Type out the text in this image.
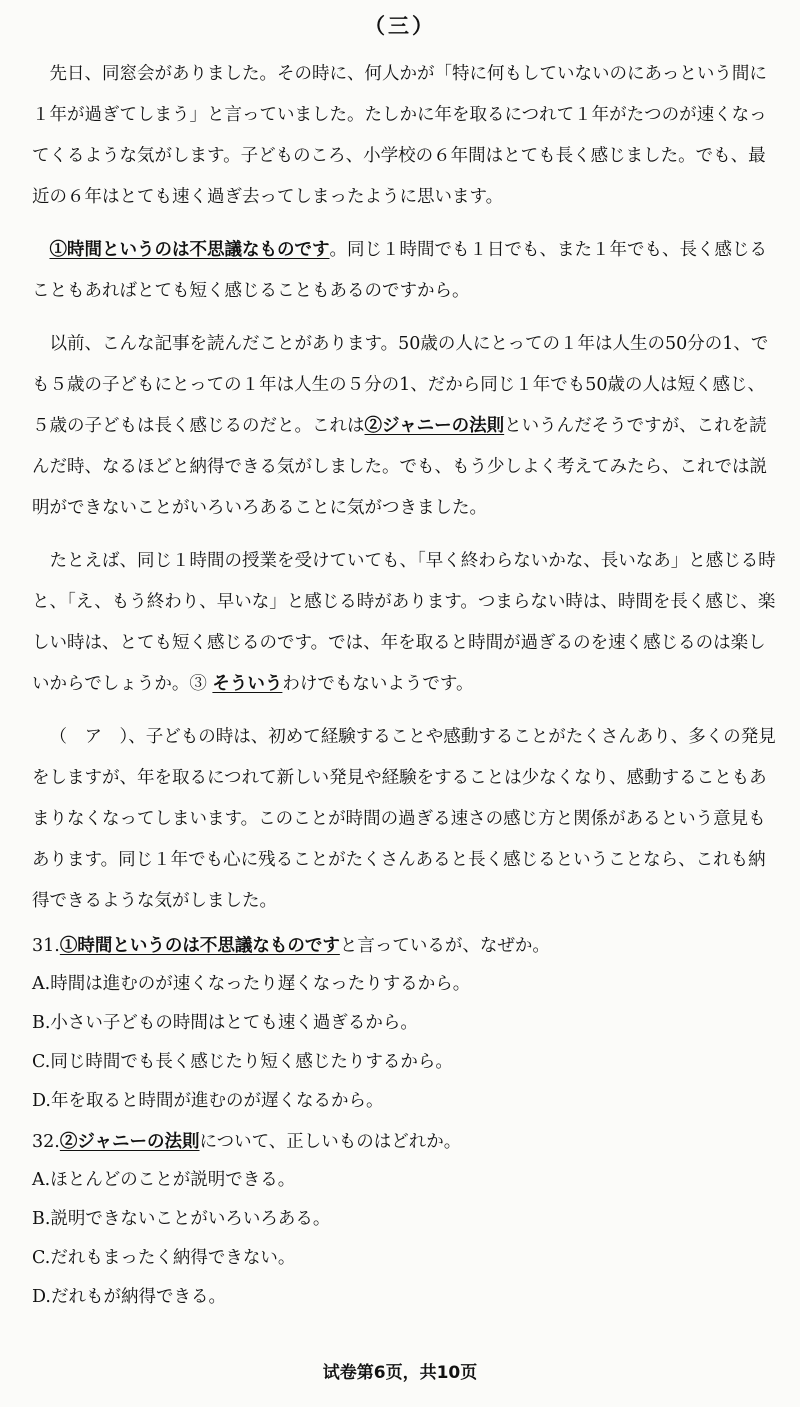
（三）

先日、同窓会がありました。その時に、何人かが「特に何もしていないのにあっという間に１年が過ぎてしまう」と言っていました。たしかに年を取るにつれて１年がたつのが速くなってくるような気がします。子どものころ、小学校の６年間はとても長く感じました。でも、最近の６年はとても速く過ぎ去ってしまったように思います。

①時間というのは不思議なものです。同じ１時間でも１日でも、また１年でも、長く感じることもあればとても短く感じることもあるのですから。

以前、こんな記事を読んだことがあります。50歳の人にとっての１年は人生の50分の1、でも５歳の子どもにとっての１年は人生の５分の1、だから同じ１年でも50歳の人は短く感じ、５歳の子どもは長く感じるのだと。これは②ジャニーの法則というんだそうですが、これを読んだ時、なるほどと納得できる気がしました。でも、もう少しよく考えてみたら、これでは説明ができないことがいろいろあることに気がつきました。

たとえば、同じ１時間の授業を受けていても、「早く終わらないかな、長いなあ」と感じる時と、「え、もう終わり、早いな」と感じる時があります。つまらない時は、時間を長く感じ、楽しい時は、とても短く感じるのです。では、年を取ると時間が過ぎるのを速く感じるのは楽しいからでしょうか。③ そういうわけでもないようです。

（　ア　）、子どもの時は、初めて経験することや感動することがたくさんあり、多くの発見をしますが、年を取るにつれて新しい発見や経験をすることは少なくなり、感動することもあまりなくなってしまいます。このことが時間の過ぎる速さの感じ方と関係があるという意見もあります。同じ１年でも心に残ることがたくさんあると長く感じるということなら、これも納得できるような気がしました。

31.①時間というのは不思議なものですと言っているが、なぜか。
A.時間は進むのが速くなったり遅くなったりするから。
B.小さい子どもの時間はとても速く過ぎるから。
C.同じ時間でも長く感じたり短く感じたりするから。
D.年を取ると時間が進むのが遅くなるから。
32.②ジャニーの法則について、正しいものはどれか。
A.ほとんどのことが説明できる。
B.説明できないことがいろいろある。
C.だれもまったく納得できない。
D.だれもが納得できる。
试卷第6页，共10页
